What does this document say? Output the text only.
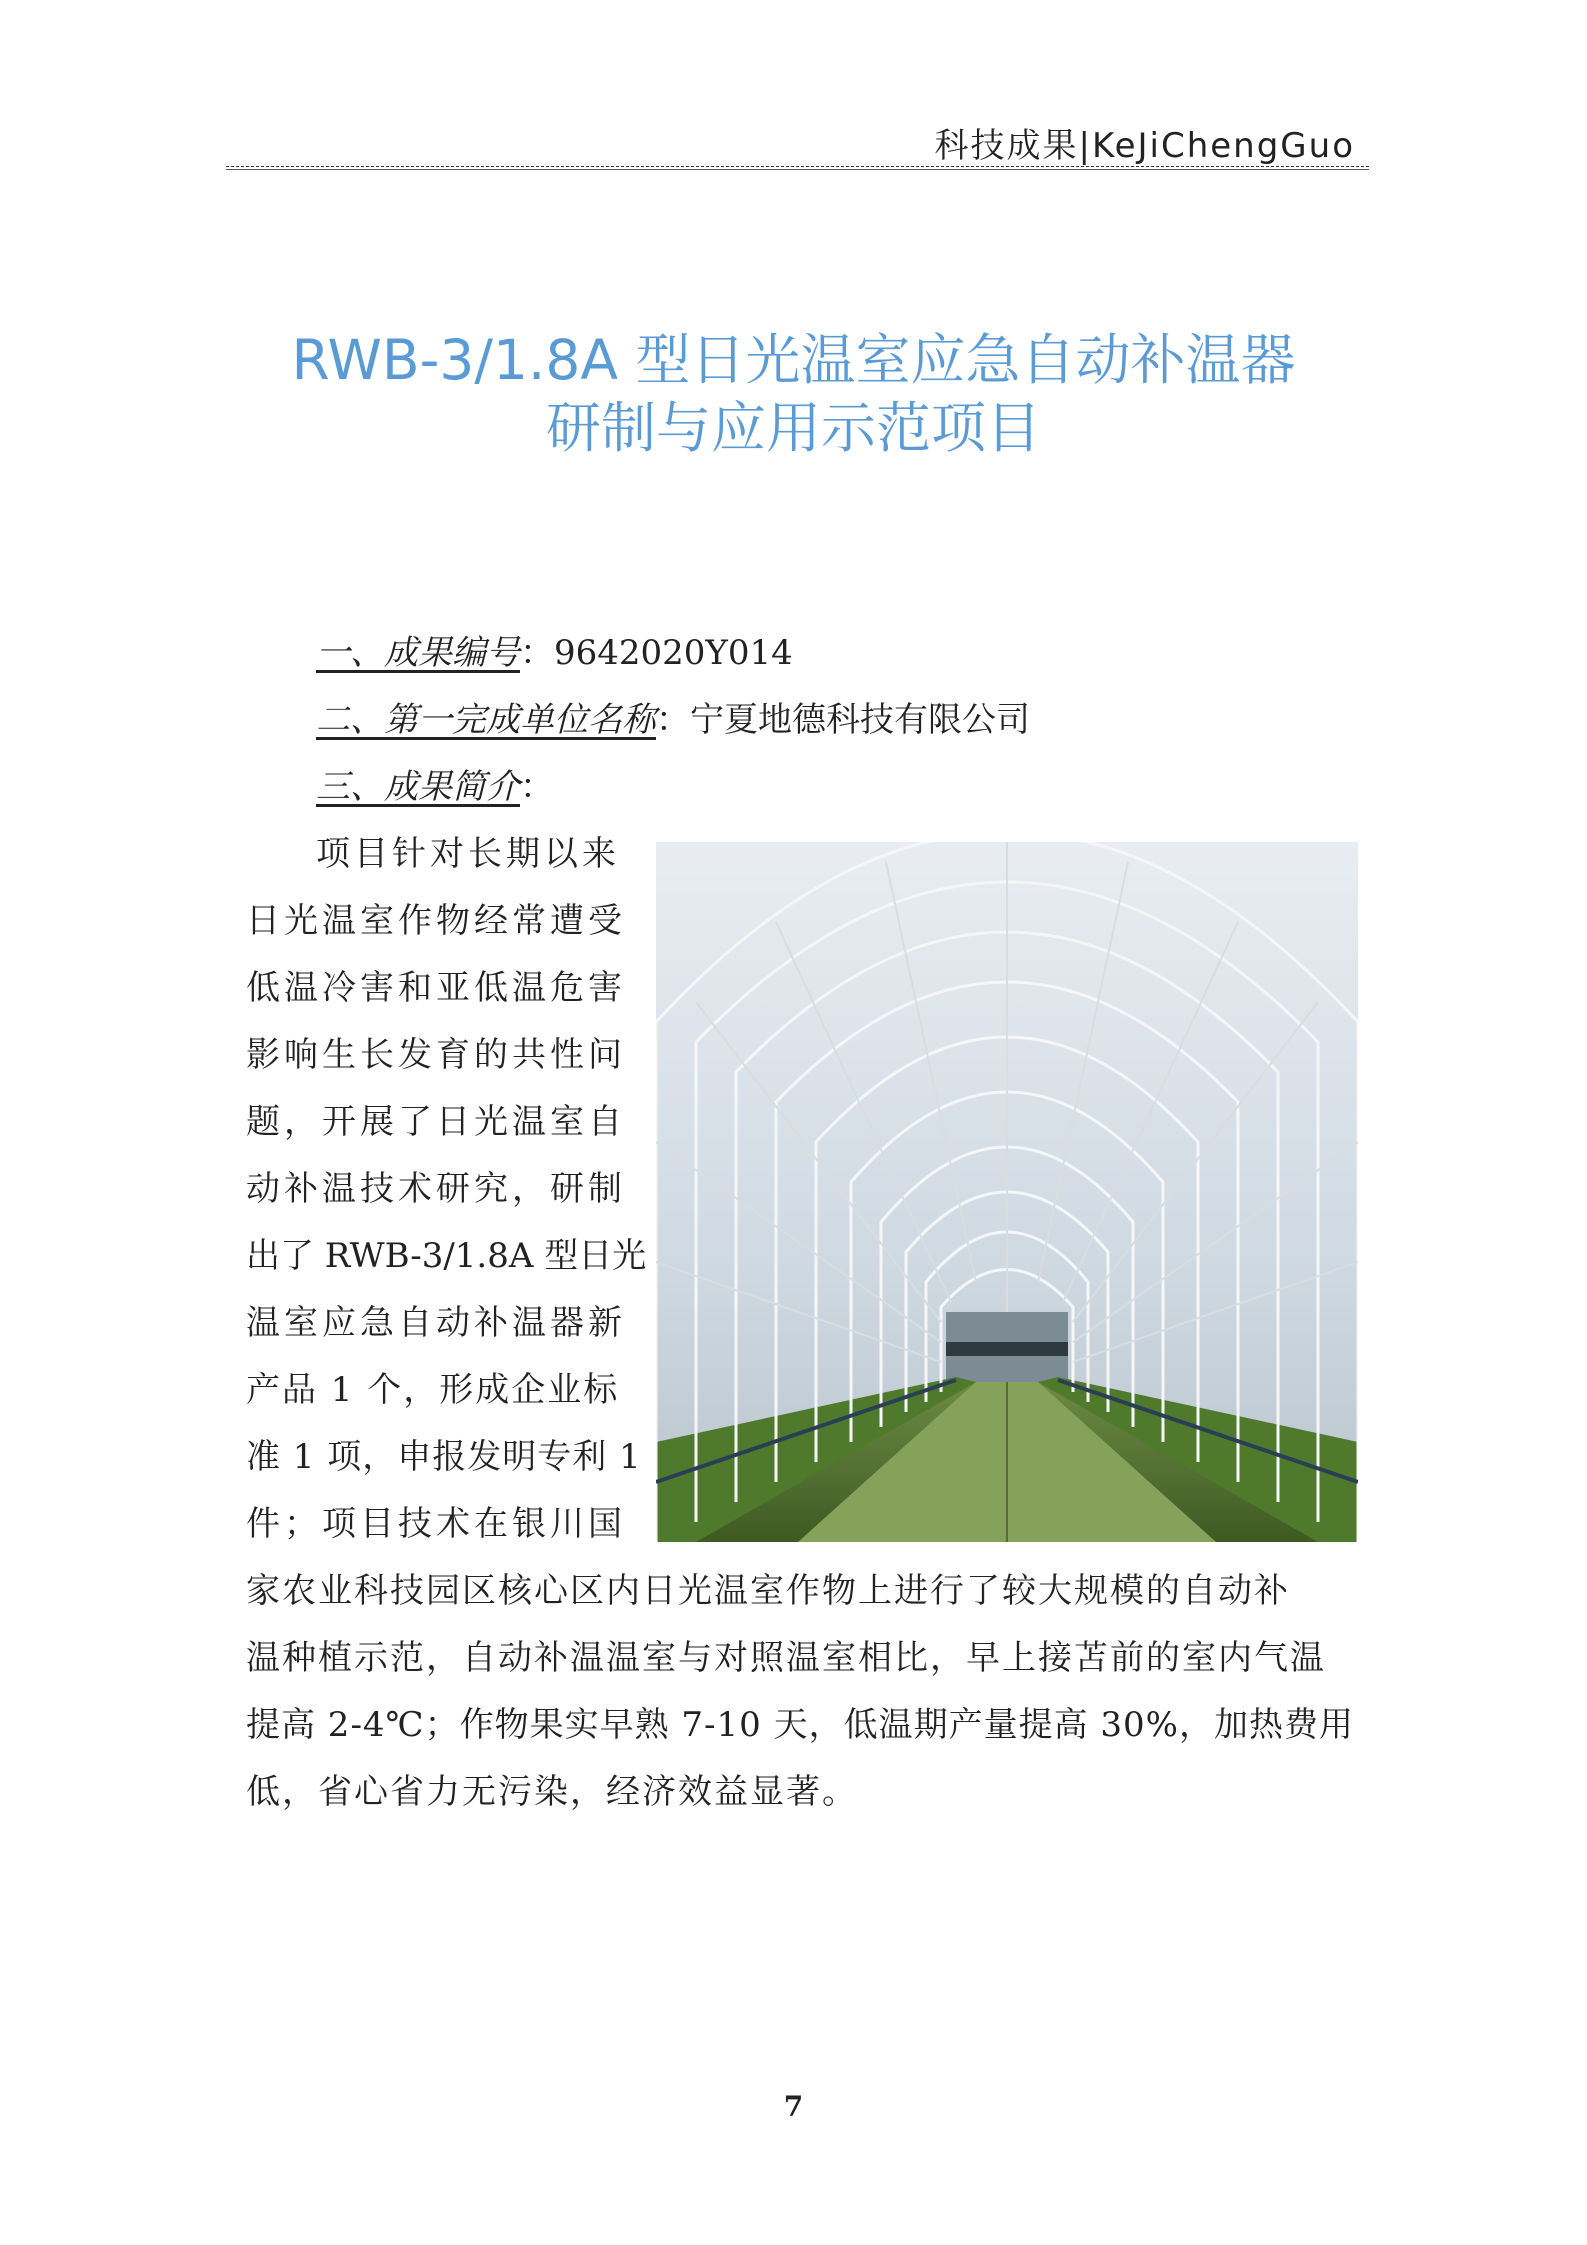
科技成果|KeJiChengGuo
RWB-3/1.8A 型日光温室应急自动补温器
研制与应用示范项目
一、成果编号：9642020Y014
二、第一完成单位名称：宁夏地德科技有限公司
三、成果简介：
项目针对长期以来
日光温室作物经常遭受
低温冷害和亚低温危害
影响生长发育的共性问
题，开展了日光温室自
动补温技术研究，研制
出了 RWB-3/1.8A 型日光
温室应急自动补温器新
产品 1 个，形成企业标
准 1 项，申报发明专利 1
件；项目技术在银川国
家农业科技园区核心区内日光温室作物上进行了较大规模的自动补
温种植示范，自动补温温室与对照温室相比，早上接苫前的室内气温
提高 2-4℃；作物果实早熟 7-10 天，低温期产量提高 30%，加热费用
低，省心省力无污染，经济效益显著。
7
